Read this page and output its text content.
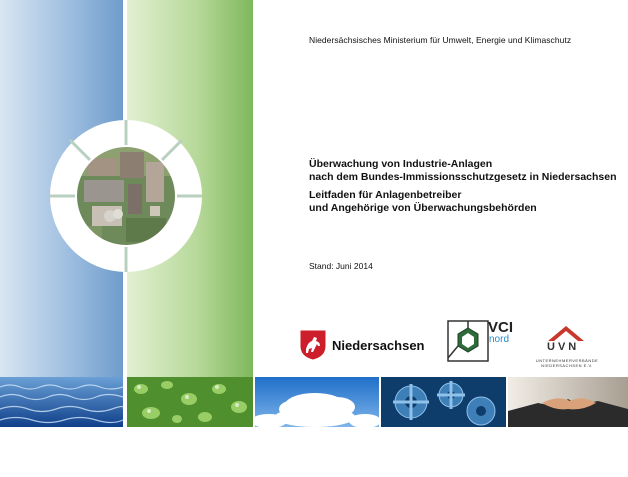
Niedersächsisches Ministerium für Umwelt, Energie und Klimaschutz
Überwachung von Industrie-Anlagen
nach dem Bundes-Immissionsschutzgesetz in Niedersachsen
Leitfaden für Anlagenbetreiber
und Angehörige von Überwachungsbehörden
Stand: Juni 2014
Niedersachsen
VCI
nord
UVN
UNTERNEHMERVERBÄNDE NIEDERSACHSEN E.V.
